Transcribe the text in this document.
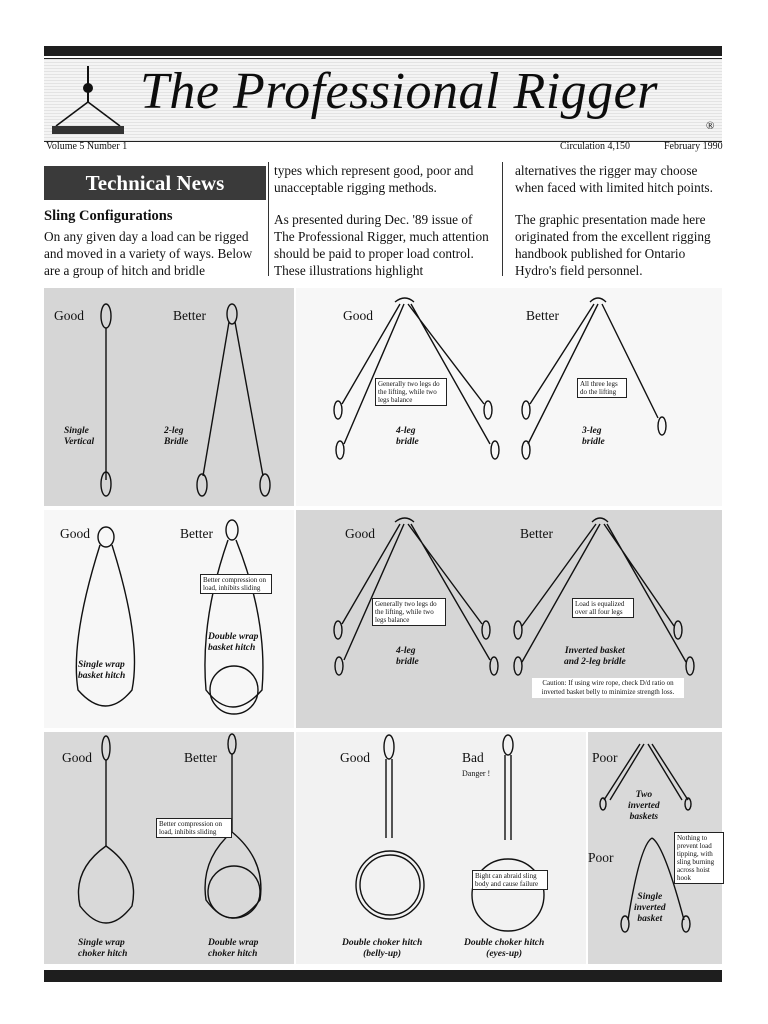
The Professional Rigger
®
Volume 5 Number 1	Circulation 4,150	February 1990
Technical News
Sling Configurations
On any given day a load can be rigged and moved in a variety of ways. Below are a group of hitch and bridle
types which represent good, poor and unacceptable rigging methods.
As presented during Dec. '89 issue of The Professional Rigger, much attention should be paid to proper load control. These illustrations highlight
alternatives the rigger may choose when faced with limited hitch points.
The graphic presentation made here originated from the excellent rigging handbook published for Ontario Hydro's field personnel.
Good	Better
Single
Vertical
2-leg
Bridle
Good	Better
Generally two legs do the lifting, while two legs balance
All three legs do the lifting
4-leg
bridle
3-leg
bridle
Good	Better
Better compression on load, inhibits sliding
Single wrap
basket hitch
Double wrap
basket hitch
Good	Better
Generally two legs do the lifting, while two legs balance
Load is equalized over all four legs
4-leg
bridle
Inverted basket
and 2-leg bridle
Caution: If using wire rope, check D/d ratio on inverted basket belly to minimize strength loss.
Good	Better
Better compression on load, inhibits sliding
Single wrap
choker hitch
Double wrap
choker hitch
Good	Bad
Danger !
Bight can abraid sling body and cause failure
Double choker hitch
(belly-up)
Double choker hitch
(eyes-up)
Poor
Two
inverted
baskets
Poor
Nothing to prevent load tipping, with sling burning across hoist hook
Single
inverted
basket
